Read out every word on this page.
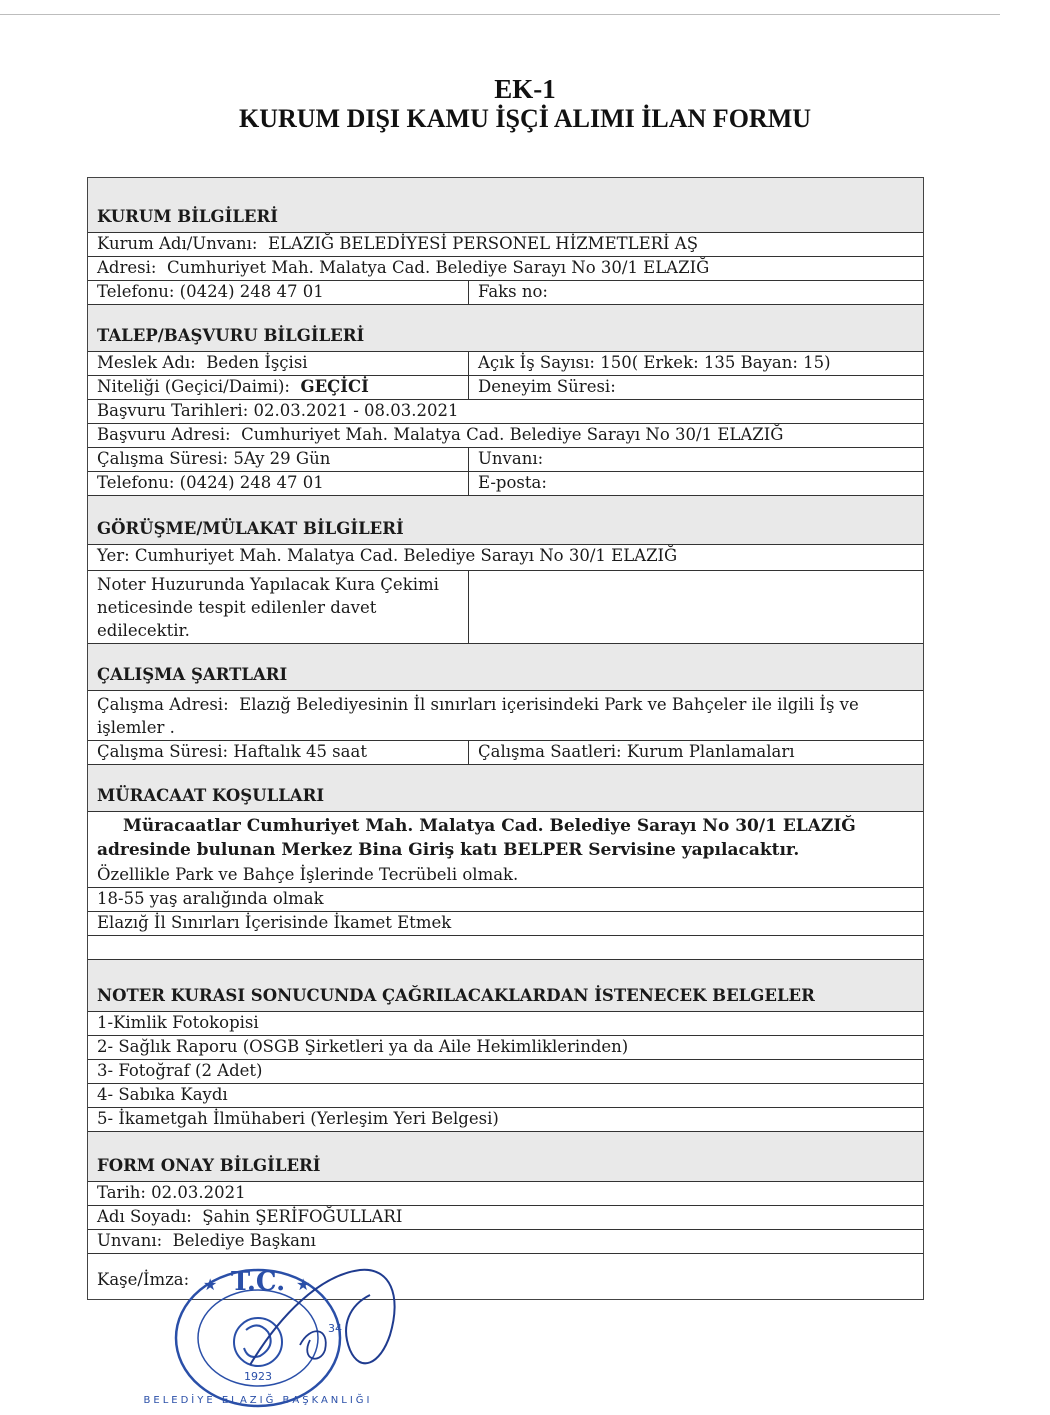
EK-1
KURUM DIŞI KAMU İŞÇİ ALIMI İLAN FORMU
KURUM BİLGİLERİ
Kurum Adı/Unvanı: ELAZIĞ BELEDİYESİ PERSONEL HİZMETLERİ AŞ
Adresi: Cumhuriyet Mah. Malatya Cad. Belediye Sarayı No 30/1 ELAZIĞ
Telefonu: (0424) 248 47 01	Faks no:
TALEP/BAŞVURU BİLGİLERİ
Meslek Adı: Beden İşçisi	Açık İş Sayısı: 150( Erkek: 135 Bayan: 15)
Niteliği (Geçici/Daimi): GEÇİCİ	Deneyim Süresi:
Başvuru Tarihleri: 02.03.2021 - 08.03.2021
Başvuru Adresi: Cumhuriyet Mah. Malatya Cad. Belediye Sarayı No 30/1 ELAZIĞ
Çalışma Süresi: 5Ay 29 Gün	Unvanı:
Telefonu: (0424) 248 47 01	E-posta:
GÖRÜŞME/MÜLAKAT BİLGİLERİ
Yer: Cumhuriyet Mah. Malatya Cad. Belediye Sarayı No 30/1 ELAZIĞ
Noter Huzurunda Yapılacak Kura Çekimi neticesinde tespit edilenler davet edilecektir.
ÇALIŞMA ŞARTLARI
Çalışma Adresi: Elazığ Belediyesinin İl sınırları içerisindeki Park ve Bahçeler ile ilgili İş ve işlemler .
Çalışma Süresi: Haftalık 45 saat	Çalışma Saatleri: Kurum Planlamaları
MÜRACAAT KOŞULLARI
Müracaatlar Cumhuriyet Mah. Malatya Cad. Belediye Sarayı No 30/1 ELAZIĞ adresinde bulunan Merkez Bina Giriş katı BELPER Servisine yapılacaktır.
Özellikle Park ve Bahçe İşlerinde Tecrübeli olmak.
18-55 yaş aralığında olmak
Elazığ İl Sınırları İçerisinde İkamet Etmek
NOTER KURASI SONUCUNDA ÇAĞRILACAKLARDAN İSTENECEK BELGELER
1-Kimlik Fotokopisi
2- Sağlık Raporu (OSGB Şirketleri ya da Aile Hekimliklerinden)
3- Fotoğraf (2 Adet)
4- Sabıka Kaydı
5- İkametgah İlmühaberi (Yerleşim Yeri Belgesi)
FORM ONAY BİLGİLERİ
Tarih: 02.03.2021
Adı Soyadı: Şahin ŞERİFOĞULLARI
Unvanı: Belediye Başkanı
Kaşe/İmza:	T.C.
★	★
1923
34
BELEDİYE ELAZIĞ BAŞKANLIĞI
